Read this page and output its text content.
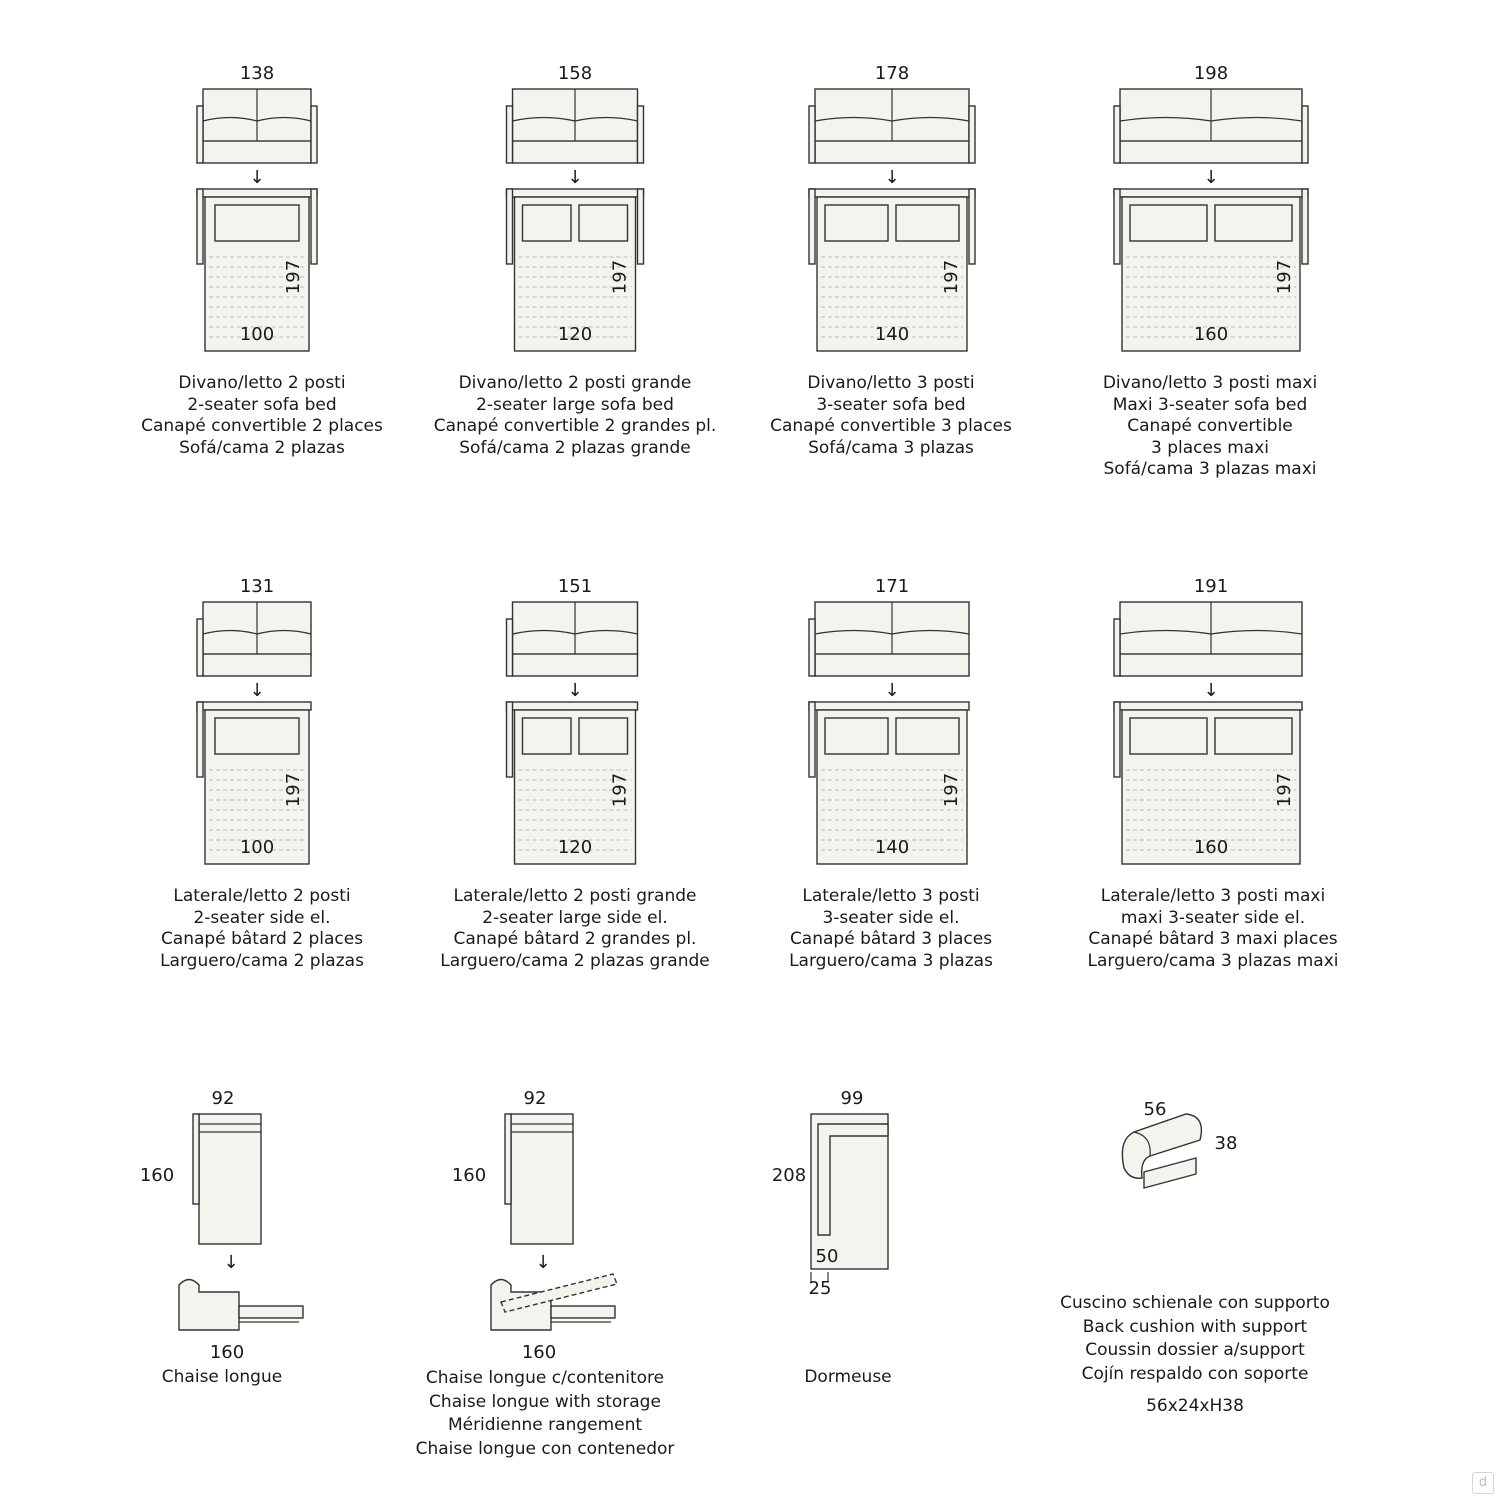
138
↓
197
100
158
↓
197
120
178
↓
197
140
198
↓
197
160
131
↓
197
100
151
↓
197
120
171
↓
197
140
191
↓
197
160
92
160
↓
160
92
160
↓
160
99
208
50
25
56
38
Divano/letto 2 posti
2-seater sofa bed
Canapé convertible 2 places
Sofá/cama 2 plazas
Divano/letto 2 posti grande
2-seater large sofa bed
Canapé convertible 2 grandes pl.
Sofá/cama 2 plazas grande
Divano/letto 3 posti
3-seater sofa bed
Canapé convertible 3 places
Sofá/cama 3 plazas
Divano/letto 3 posti maxi
Maxi 3-seater sofa bed
Canapé convertible
3 places maxi
Sofá/cama 3 plazas maxi
Laterale/letto 2 posti
2-seater side el.
Canapé bâtard 2 places
Larguero/cama 2 plazas
Laterale/letto 2 posti grande
2-seater large side el.
Canapé bâtard 2 grandes pl.
Larguero/cama 2 plazas grande
Laterale/letto 3 posti
3-seater side el.
Canapé bâtard 3 places
Larguero/cama 3 plazas
Laterale/letto 3 posti maxi
maxi 3-seater side el.
Canapé bâtard 3 maxi places
Larguero/cama 3 plazas maxi
Chaise longue	Chaise longue c/contenitore
Chaise longue with storage
Méridienne rangement
Chaise longue con contenedor
Dormeuse
Cuscino schienale con supporto
Back cushion with support
Coussin dossier a/support
Cojín respaldo con soporte
56x24xH38
d
